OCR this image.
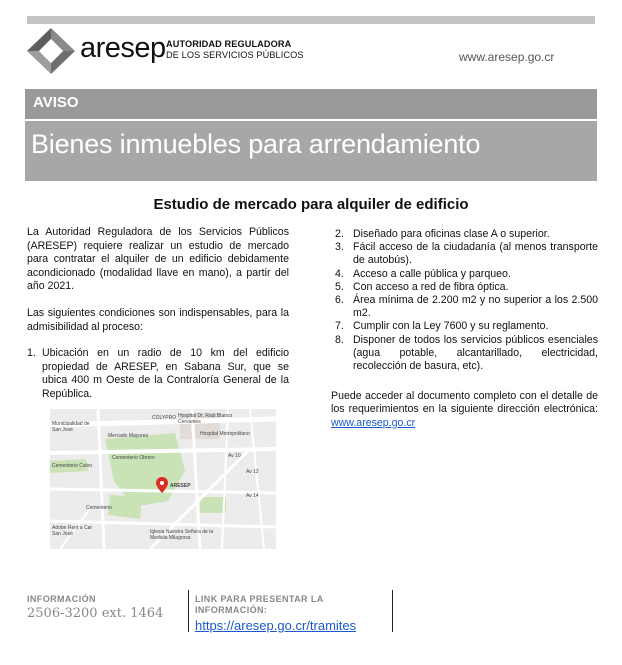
aresep AUTORIDAD REGULADORA
DE LOS SERVICIOS PÚBLICOS	www.aresep.go.cr
AVISO
Bienes inmuebles para arrendamiento
Estudio de mercado para alquiler de edificio

La Autoridad Reguladora de los Servicios Públicos (ARESEP) requiere realizar un estudio de mercado para contratar el alquiler de un edificio debidamente acondicionado (modalidad llave en mano), a partir del año 2021.

Las siguientes condiciones son indispensables, para la admisibilidad al proceso:

1. Ubicación en un radio de 10 km del edificio propiedad de ARESEP, en Sabana Sur, que se ubica 400 m Oeste de la Contraloría General de la República.
COLYPRO Hospital Dr. Raúl Blanco Cervantes
Municipalidad de San José
Hospital Metropolitano
Mercado Mayoreo
Cementerio Obrero
Cementerio Calvo
ARESEP
Av 10
Av 12
Av 14
Cementerio
Iglesia Nuestra Señora de la Medalla Milagrosa
Adobe Rent a Car San José
2. Diseñado para oficinas clase A o superior.
3. Fácil acceso de la ciudadanía (al menos transporte de autobús).
4. Acceso a calle pública y parqueo.
5. Con acceso a red de fibra óptica.
6. Área mínima de 2.200 m2 y no superior a los 2.500 m2.
7. Cumplir con la Ley 7600 y su reglamento.
8. Disponer de todos los servicios públicos esenciales (agua potable, alcantarillado, electricidad, recolección de basura, etc).
Puede acceder al documento completo con el detalle de los requerimientos en la siguiente dirección electrónica: www.aresep.go.cr
INFORMACIÓN
2506-3200 ext. 1464
LINK PARA PRESENTAR LA
INFORMACIÓN:
https://aresep.go.cr/tramites
